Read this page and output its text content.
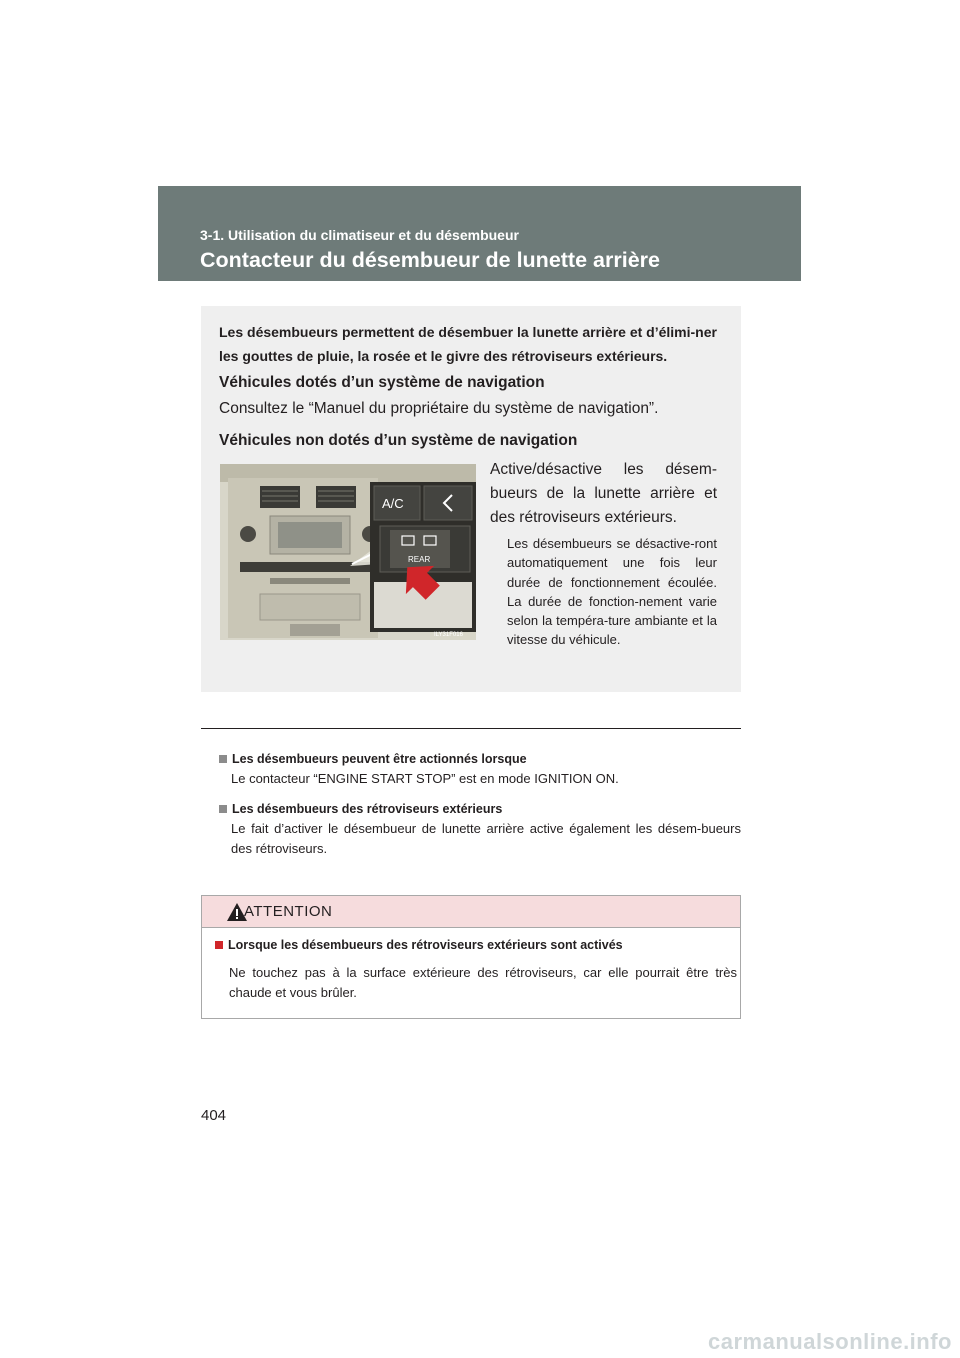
3-1. Utilisation du climatiseur et du désembueur
Contacteur du désembueur de lunette arrière
Les désembueurs permettent de désembuer la lunette arrière et d’élimi-ner les gouttes de pluie, la rosée et le givre des rétroviseurs extérieurs.
Véhicules dotés d’un système de navigation
Consultez le “Manuel du propriétaire du système de navigation”.
Véhicules non dotés d’un système de navigation
A/C
REAR
ILY31F016
Active/désactive les désem-bueurs de la lunette arrière et des rétroviseurs extérieurs.
Les désembueurs se désactive-ront automatiquement une fois leur durée de fonctionnement écoulée. La durée de fonction-nement varie selon la tempéra-ture ambiante et la vitesse du véhicule.
Les désembueurs peuvent être actionnés lorsque
Le contacteur “ENGINE START STOP” est en mode IGNITION ON.
Les désembueurs des rétroviseurs extérieurs
Le fait d’activer le désembueur de lunette arrière active également les désem-bueurs des rétroviseurs.
ATTENTION
Lorsque les désembueurs des rétroviseurs extérieurs sont activés
Ne touchez pas à la surface extérieure des rétroviseurs, car elle pourrait être très chaude et vous brûler.
404
carmanualsonline.info
